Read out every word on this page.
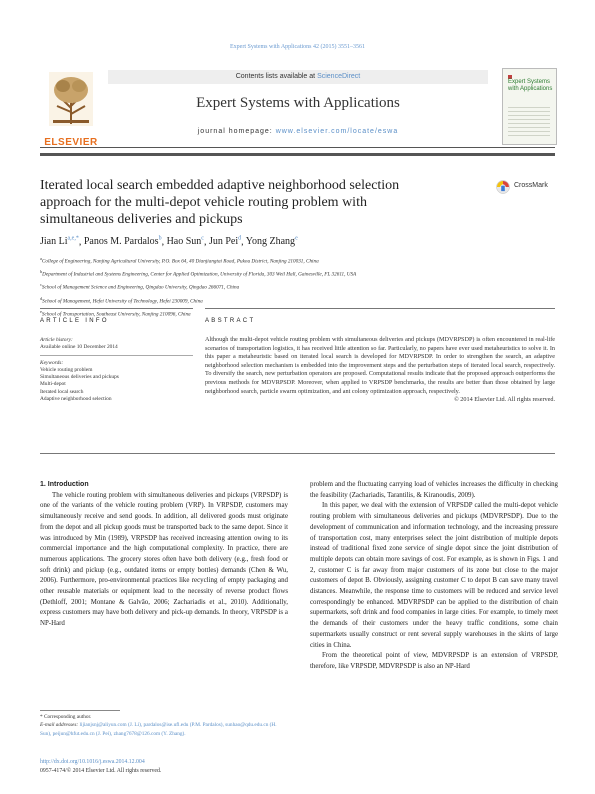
Expert Systems with Applications 42 (2015) 3551–3561
ELSEVIER
Contents lists available at ScienceDirect
Expert Systems with Applications
journal homepage: www.elsevier.com/locate/eswa
Expert Systems with Applications
Iterated local search embedded adaptive neighborhood selection approach for the multi-depot vehicle routing problem with simultaneous deliveries and pickups
CrossMark
Jian $Li^{a,e,*}$, Panos M. Pardalos$^b$, Hao Sun$^c$, Jun Pei$^d$, Yong Zhang$^e$
$^a$College of Engineering, Nanjing Agricultural University, P.O. Box 64, 40 Dianjiangtai Road, Pukou District, Nanjing 210031, China
$^b$Department of Industrial and Systems Engineering, Center for Applied Optimization, University of Florida, 303 Weil Hall, Gainesville, FL 32611, USA
$^c$School of Management Science and Engineering, Qingdao University, Qingdao 266071, China
$^d$School of Management, Hefei University of Technology, Hefei 230009, China
$^e$School of Transportation, Southeast University, Nanjing 210096, China
ARTICLE INFO	ABSTRACT
Article history:
Available online 10 December 2014
Keywords:
Vehicle routing problem
Simultaneous deliveries and pickups
Multi-depot
Iterated local search
Adaptive neighborhood selection
Although the multi-depot vehicle routing problem with simultaneous deliveries and pickups (MDVRPSDP) is often encountered in real-life scenarios of transportation logistics, it has received little attention so far. Particularly, no papers have ever used metaheuristics to solve it. In this paper a metaheuristic based on iterated local search is developed for MDVRPSDP. In order to strengthen the search, an adaptive neighborhood selection mechanism is embedded into the improvement steps and the perturbation steps of iterated local search, respectively. To diversify the search, new perturbation operators are proposed. Computational results indicate that the proposed approach outperforms the previous methods for MDVRPSDP. Moreover, when applied to VRPSDP benchmarks, the results are better than those obtained by large neighborhood search, particle swarm optimization, and ant colony optimization approach, respectively.
© 2014 Elsevier Ltd. All rights reserved.

1. Introduction

The vehicle routing problem with simultaneous deliveries and pickups (VRPSDP) is one of the variants of the vehicle routing problem (VRP). In VRPSDP, customers may simultaneously receive and send goods. In addition, all delivered goods must originate from the depot and all pickup goods must be transported back to the same depot. Since it was introduced by Min (1989), VRPSDP has received increasing attention owing to its commercial importance and the high computational complexity. In practice, there are numerous applications. The grocery stores often have both delivery (e.g., fresh food or soft drink) and pickup (e.g., outdated items or empty bottles) demands (Chen & Wu, 2006). Furthermore, pro-environmental practices like recycling of empty packaging and other reusable materials or equipment lead to the necessity of reverse product flows (Dethloff, 2001; Montane & Galvão, 2006; Zachariadis et al., 2010). Additionally, express customers may have both delivery and pick-up demands. In theory, VRPSDP is a NP-Hard

problem and the fluctuating carrying load of vehicles increases the difficulty in checking the feasibility (Zachariadis, Tarantilis, & Kiranoudis, 2009).

In this paper, we deal with the extension of VRPSDP called the multi-depot vehicle routing problem with simultaneous deliveries and pickups (MDVRPSDP). Due to the development of communication and information technology, and the increasing pressure of transportation cost, many enterprises select the joint distribution of multiple depots instead of traditional fixed zone service of single depot since the joint distribution of multiple depots can obtain more savings of cost. For example, as is shown in Figs. 1 and 2, customer C is far away from major customers of its zone but close to the major customers of depot B. Obviously, assigning customer C to depot B can save many travel distances. Meanwhile, the response time to customers will be reduced and service level correspondingly be enhanced. MDVRPSDP can be applied to the distribution of chain supermarkets, soft drink and food companies in large cities. For example, to timely meet the demands of their customers under the heavy traffic conditions, some chain supermarkets usually construct or rent several supply warehouses in the skirts of large cities in China.

From the theoretical point of view, MDVRPSDP is an extension of VRPSDP, therefore, like VRPSDP, MDVRPSDP is also an NP-Hard

* Corresponding author.
E-mail addresses: lijianjsnj@aliyun.com (J. Li), pardalos@ise.ufl.edu (P.M. Pardalos), sunhao@qdu.edu.cn (H. Sun), peijun@hfut.edu.cn (J. Pei), zhang7678@126.com (Y. Zhang).
http://dx.doi.org/10.1016/j.eswa.2014.12.004
0957-4174/© 2014 Elsevier Ltd. All rights reserved.
